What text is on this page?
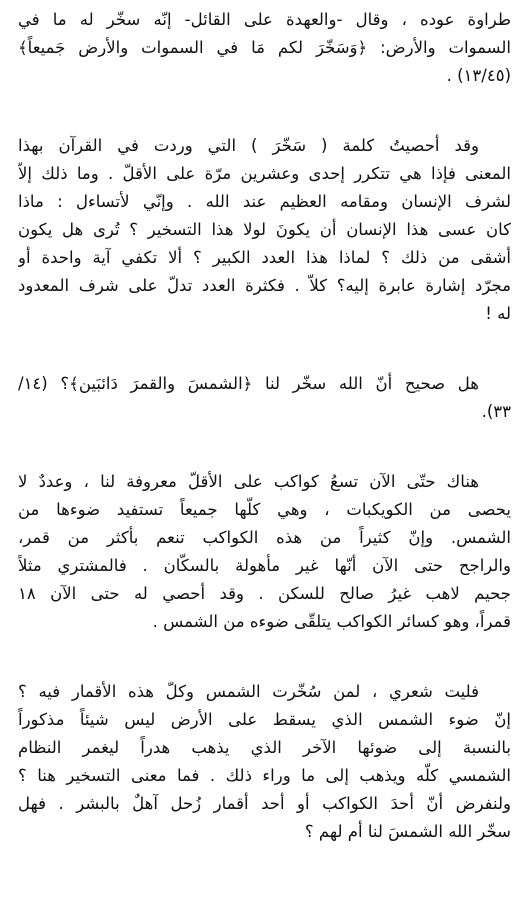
طراوة عوده ، وقال -والعهدة على القائل- إنّه سخّر له ما في
السموات والأرض: ﴿وَسَخّرَ لكم مَا في السموات والأرض جَميعاً﴾
(١٣/٤٥) .
وقد أحصيتُ كلمة ( سَخّرَ ) التي وردت في القرآن بهذا
المعنى فإذا هي تتكرر إحدى وعشرين مرّة على الأقلّ . وما ذلك إلاّ
لشرف الإنسان ومقامه العظيم عند الله . وإنّي لأتساءل : ماذا
كان عسى هذا الإنسان أن يكونَ لولا هذا التسخير ؟ تُرى هل يكون
أشقى من ذلك ؟ لماذا هذا العدد الكبير ؟ ألا تكفي آية واحدة أو
مجرّد إشارة عابرة إليه؟ كلاّ . فكثرة العدد تدلّ على شرف المعدود
له !
هل صحيح أنّ الله سخّر لنا ﴿الشمسَ والقمرَ دَائبَين﴾؟ (١٤/
٣٣).
هناك حتّى الآن تسعُ كواكب على الأقلّ معروفة لنا ، وعددٌ لا
يحصى من الكويكبات ، وهي كلّها جميعاً تستفيد ضوءها من
الشمس. وإنّ كثيراً من هذه الكواكب تنعم بأكثر من قمر،
والراجح حتى الآن أنّها غير مأهولة بالسكّان . فالمشتري مثلاً
جحيم لاهب غيرُ صالح للسكن . وقد أحصي له حتى الآن ١٨
قمراً، وهو كسائر الكواكب يتلقّى ضوءه من الشمس .
فليت شعري ، لمن سُخّرت الشمس وكلّ هذه الأقمار فيه ؟
إنّ ضوء الشمس الذي يسقط على الأرض ليس شيئاً مذكوراً
بالنسبة إلى ضوئها الآخر الذي يذهب هدراً ليغمر النظام
الشمسي كلّه ويذهب إلى ما وراء ذلك . فما معنى التسخير هنا ؟
ولنفرض أنّ أحدَ الكواكب أو أحد أقمار زُحل آهلٌ بالبشر . فهل
سخّر الله الشمسَ لنا أم لهم ؟
